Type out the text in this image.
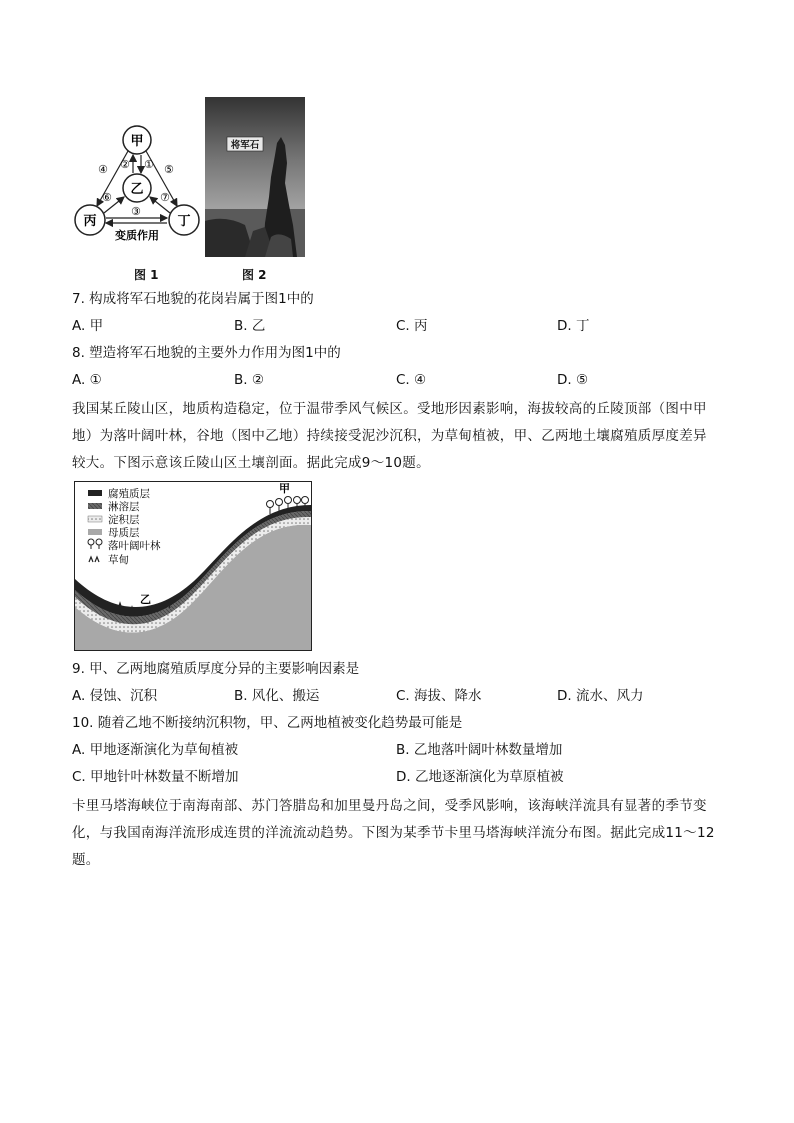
甲
乙
丙	丁
④	⑤
② ①
⑥	⑦
③
变质作用
将军石
图 1	图 2
7. 构成将军石地貌的花岗岩属于图1中的
A. 甲	B. 乙	C. 丙	D. 丁
8. 塑造将军石地貌的主要外力作用为图1中的
A. ①	B. ②	C. ④	D. ⑤
我国某丘陵山区，地质构造稳定，位于温带季风气候区。受地形因素影响，海拔较高的丘陵顶部（图中甲
地）为落叶阔叶林，谷地（图中乙地）持续接受泥沙沉积，为草甸植被，甲、乙两地土壤腐殖质厚度差异
较大。下图示意该丘陵山区土壤剖面。据此完成9～10题。
腐殖质层
淋溶层
淀积层
母质层
落叶阔叶林
草甸
甲
乙
9. 甲、乙两地腐殖质厚度分异的主要影响因素是
A. 侵蚀、沉积	B. 风化、搬运	C. 海拔、降水	D. 流水、风力
10. 随着乙地不断接纳沉积物，甲、乙两地植被变化趋势最可能是
A. 甲地逐渐演化为草甸植被	B. 乙地落叶阔叶林数量增加
C. 甲地针叶林数量不断增加	D. 乙地逐渐演化为草原植被
卡里马塔海峡位于南海南部、苏门答腊岛和加里曼丹岛之间，受季风影响，该海峡洋流具有显著的季节变
化，与我国南海洋流形成连贯的洋流流动趋势。下图为某季节卡里马塔海峡洋流分布图。据此完成11～12
题。
